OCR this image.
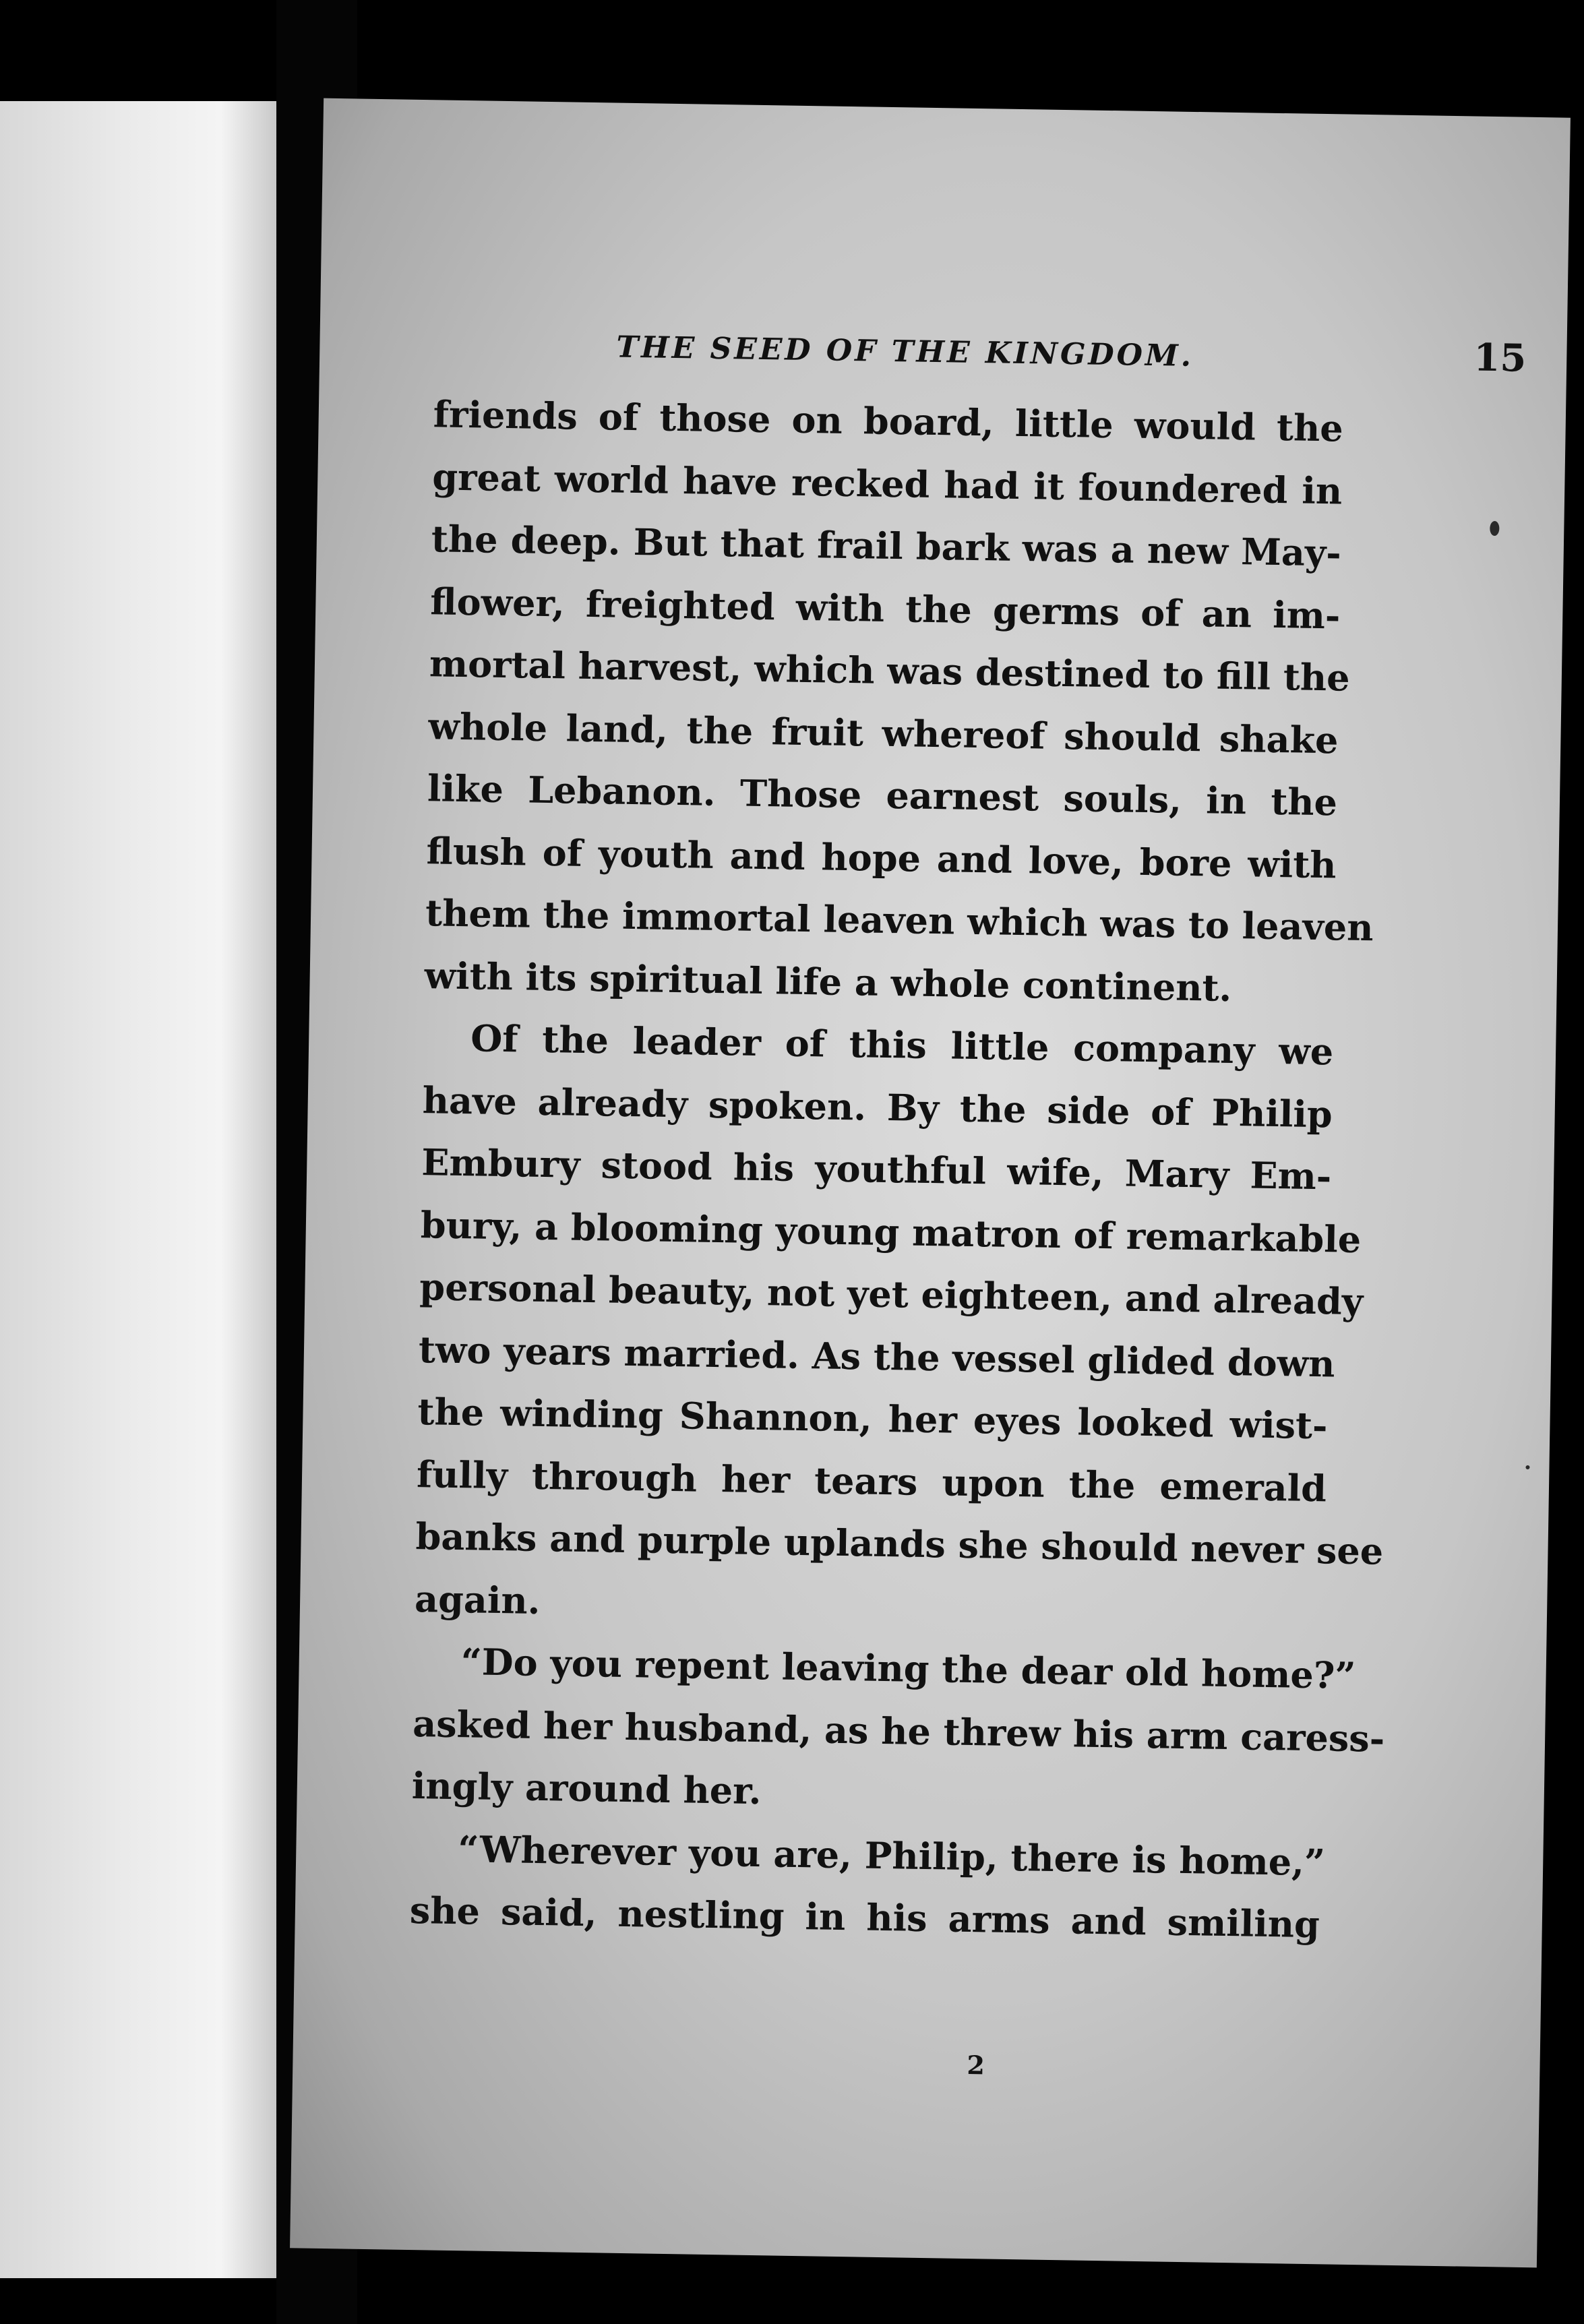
THE SEED OF THE KINGDOM.	15

friends of those on board, little would the
great world have recked had it foundered in
the deep. But that frail bark was a new May-
flower, freighted with the germs of an im-
mortal harvest, which was destined to fill the
whole land, the fruit whereof should shake
like Lebanon. Those earnest souls, in the
flush of youth and hope and love, bore with
them the immortal leaven which was to leaven
with its spiritual life a whole continent.

Of the leader of this little company we
have already spoken. By the side of Philip
Embury stood his youthful wife, Mary Em-
bury, a blooming young matron of remarkable
personal beauty, not yet eighteen, and already
two years married. As the vessel glided down
the winding Shannon, her eyes looked wist-
fully through her tears upon the emerald
banks and purple uplands she should never see
again.

“Do you repent leaving the dear old home?”
asked her husband, as he threw his arm caress-
ingly around her.

“Wherever you are, Philip, there is home,”
she said, nestling in his arms and smiling

2
